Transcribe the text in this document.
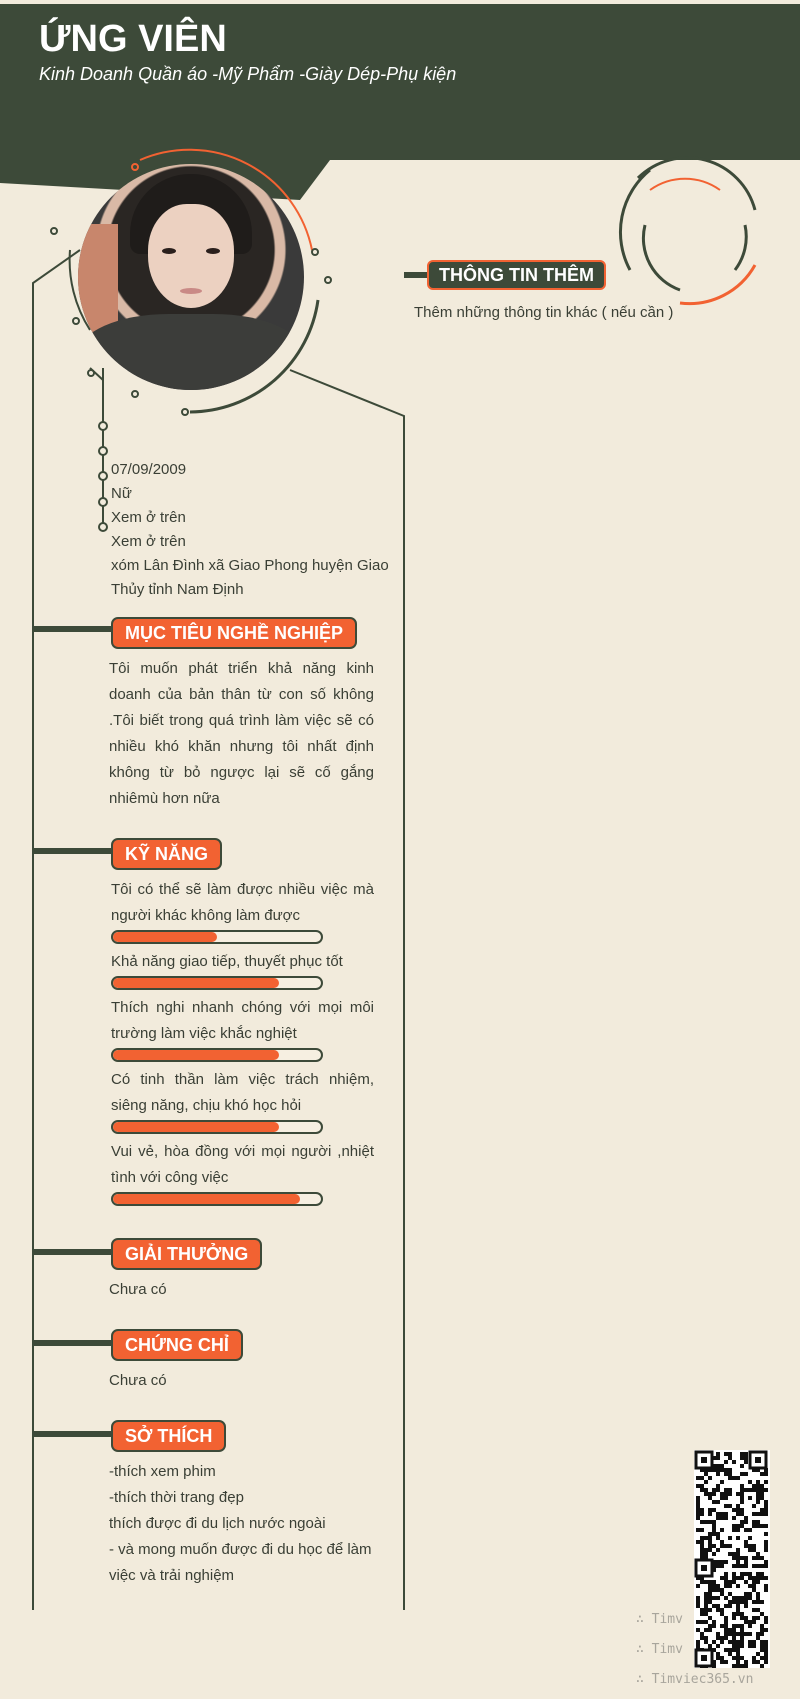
ỨNG VIÊN
Kinh Doanh Quần áo -Mỹ Phẩm -Giày Dép-Phụ kiện
07/09/2009
Nữ
Xem ở trên
Xem ở trên
xóm Lân Đình xã Giao Phong huyện Giao Thủy tỉnh Nam Định
MỤC TIÊU NGHỀ NGHIỆP
Tôi muốn phát triển khả năng kinh doanh của bản thân từ con số không .Tôi biết trong quá trình làm việc sẽ có nhiều khó khăn nhưng tôi nhất định không từ bỏ ngược lại sẽ cố gắng nhiêmù hơn nữa
KỸ NĂNG
Tôi có thể sẽ làm được nhiều việc mà người khác không làm được
Khả năng giao tiếp, thuyết phục tốt
Thích nghi nhanh chóng với mọi môi trường làm việc khắc nghiệt
Có tinh thần làm việc trách nhiệm, siêng năng, chịu khó học hỏi
Vui vẻ, hòa đồng với mọi người ,nhiệt tình với công việc
GIẢI THƯỞNG
Chưa có
CHỨNG CHỈ
Chưa có
SỞ THÍCH
-thích xem phim
-thích thời trang đẹp
thích được đi du lịch nước ngoài
- và mong muốn được đi du học để làm
việc và trải nghiệm
THÔNG TIN THÊM
Thêm những thông tin khác ( nếu cần )
∴ Timv
∴ Timv
∴ Timviec365.vn
